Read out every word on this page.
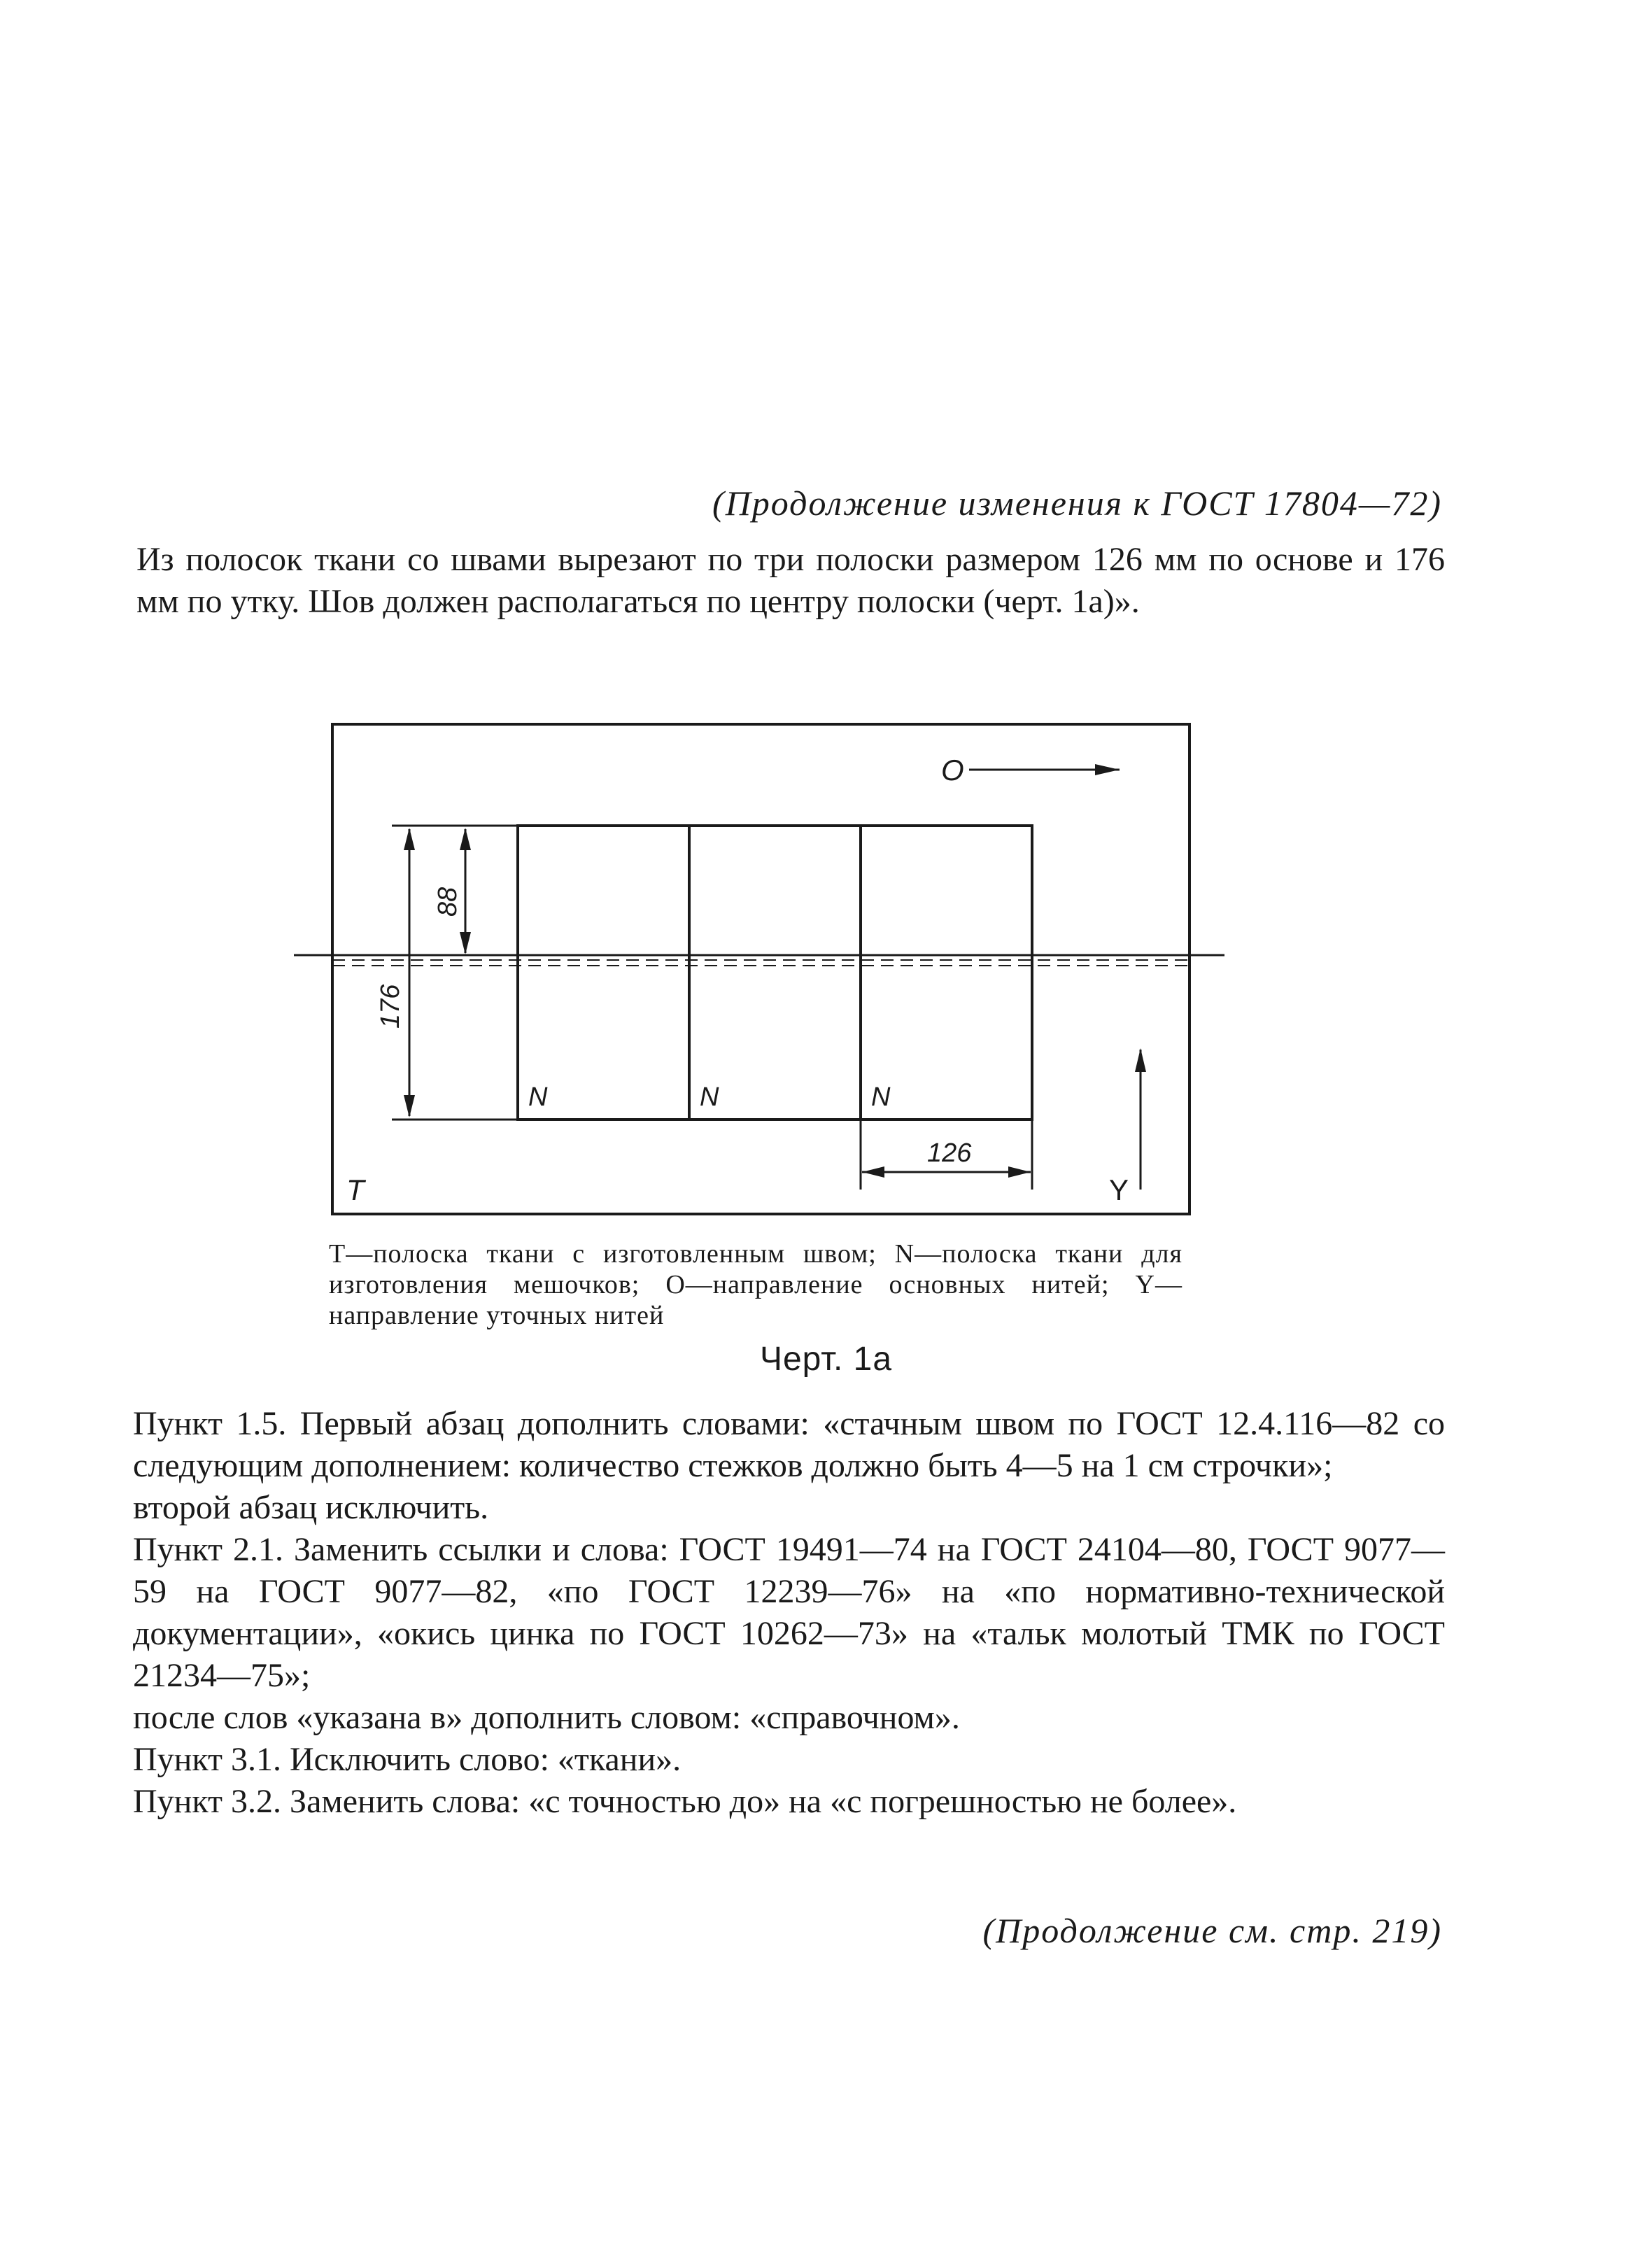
(Продолжение изменения к ГОСТ 17804—72)
Из полосок ткани со швами вырезают по три полоски размером 126 мм по основе и 176 мм по утку. Шов должен располагаться по центру полоски (черт. 1а)».
O
N	N	N
176
88
126
Y
T
T—полоска ткани с изготовленным швом; N—полоска ткани для изготовления мешочков; O—направление основных нитей; Y—направление уточных нитей
Черт. 1а

Пункт 1.5. Первый абзац дополнить словами: «стачным швом по ГОСТ 12.4.116—82 со следующим дополнением: количество стежков должно быть 4—5 на 1 см строчки»;

второй абзац исключить.

Пункт 2.1. Заменить ссылки и слова: ГОСТ 19491—74 на ГОСТ 24104—80, ГОСТ 9077—59 на ГОСТ 9077—82, «по ГОСТ 12239—76» на «по нормативно-технической документации», «окись цинка по ГОСТ 10262—73» на «тальк молотый ТМК по ГОСТ 21234—75»;

после слов «указана в» дополнить словом: «справочном».

Пункт 3.1. Исключить слово: «ткани».

Пункт 3.2. Заменить слова: «с точностью до» на «с погрешностью не более».

(Продолжение см. стр. 219)
